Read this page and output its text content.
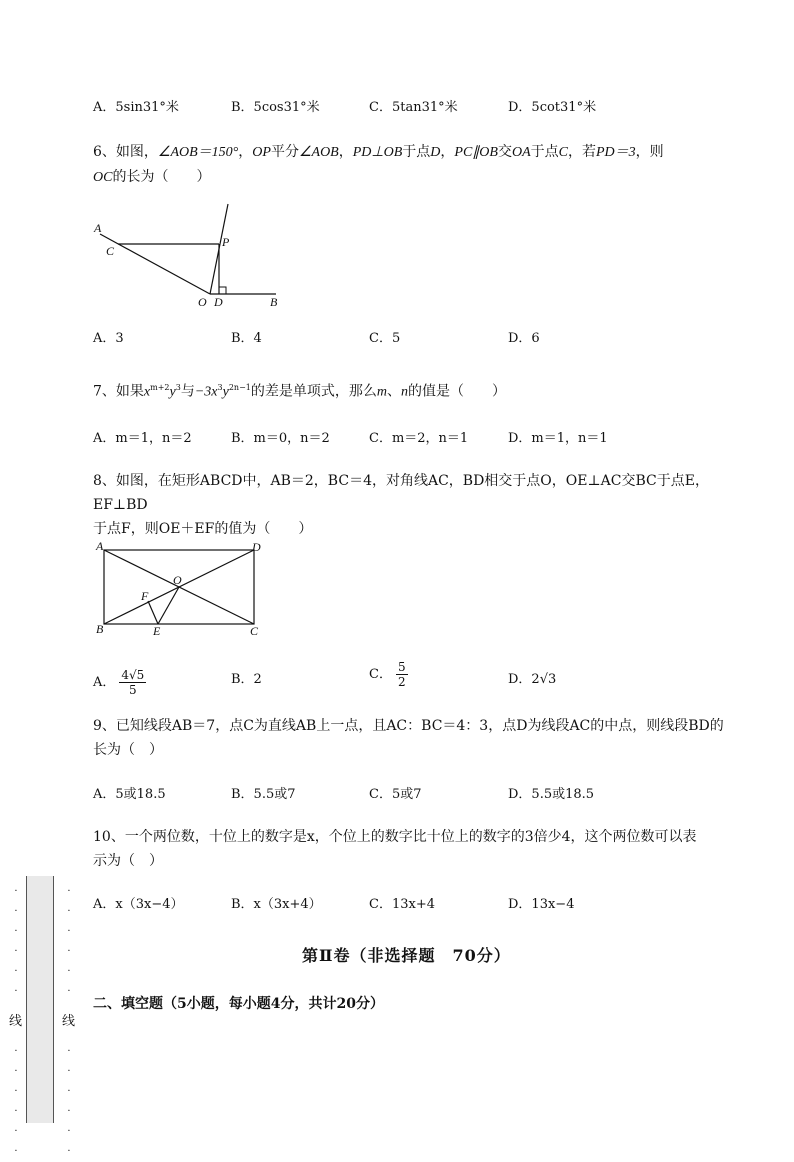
A．5sin31°米	B．5cos31°米	C．5tan31°米	D．5cot31°米
6、如图，∠AOB＝150°，OP平分∠AOB，PD⊥OB于点D，PC∥OB交OA于点C，若PD＝3，则
OC的长为（　　）
A
C
P
O D	B
A．3	B．4	C．5	D．6
7、如果$x^{m+2}y^3$与$-3x^3y^{2n-1}$的差是单项式，那么m、n的值是（　　）
A．m＝1，n＝2	B．m＝0，n＝2	C．m＝2，n＝1	D．m＝1，n＝1
8、如图，在矩形ABCD中，AB＝2，BC＝4，对角线AC，BD相交于点O，OE⊥AC交BC于点E，EF⊥BD
于点F，则OE＋EF的值为（　　）
A	D
O
F
B	E	C
A． $\frac{4√5}{5}$	B．2	C． $\frac{5}{2}$	D．2√3
9、已知线段AB＝7，点C为直线AB上一点，且AC：BC＝4：3，点D为线段AC的中点，则线段BD的
长为（　）
A．5或18.5	B．5.5或7	C．5或7	D．5.5或18.5
10、一个两位数，十位上的数字是x，个位上的数字比十位上的数字的3倍少4，这个两位数可以表
示为（　）
A．x（3x−4）	B．x（3x+4）	C．13x+4	D．13x−4
第Ⅱ卷（非选择题　70分）
二、填空题（5小题，每小题4分，共计20分）
·
·
·
·
·
·

·
·
·
·
·
·
·
·
·
·
·
·

·
·
·
·
·
·
线	线
